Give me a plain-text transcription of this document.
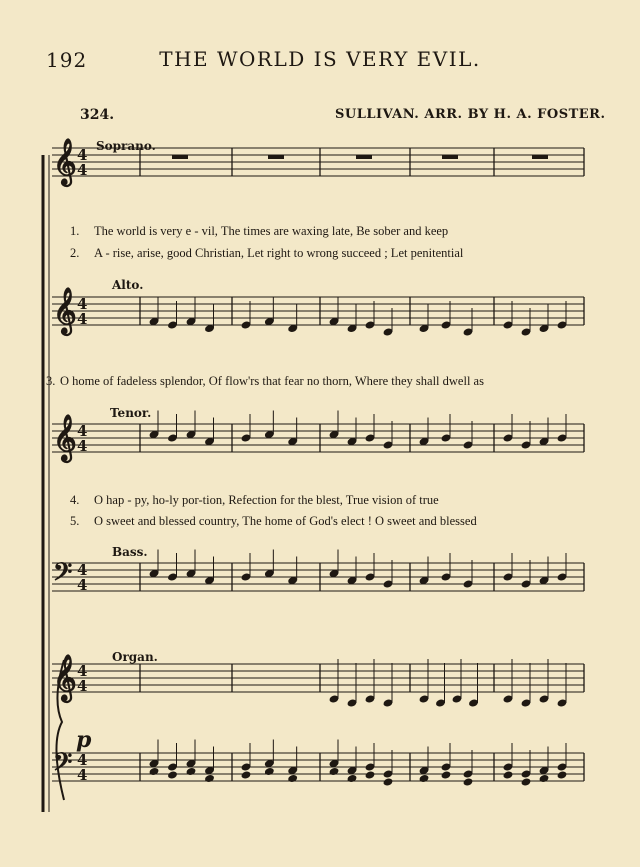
192	THE WORLD IS VERY EVIL.
324.	SULLIVAN. ARR. BY H. A. FOSTER.
𝄞 4
4
𝄞 4
4
𝄞 4
4
𝄢 4
4
𝄞 4
4
𝄢 4
4
Soprano.
Alto.
Tenor.
Bass.
Organ.
p
1. The world is very e - vil, The times are waxing late, Be sober and keep
2. A - rise, arise, good Christian, Let right to wrong succeed ; Let penitential
3. O home of fadeless splendor, Of flow'rs that fear no thorn, Where they shall dwell as
4. O hap - py, ho-ly por-tion, Refection for the blest, True vision of true
5. O sweet and blessed country, The home of God's elect ! O sweet and blessed
